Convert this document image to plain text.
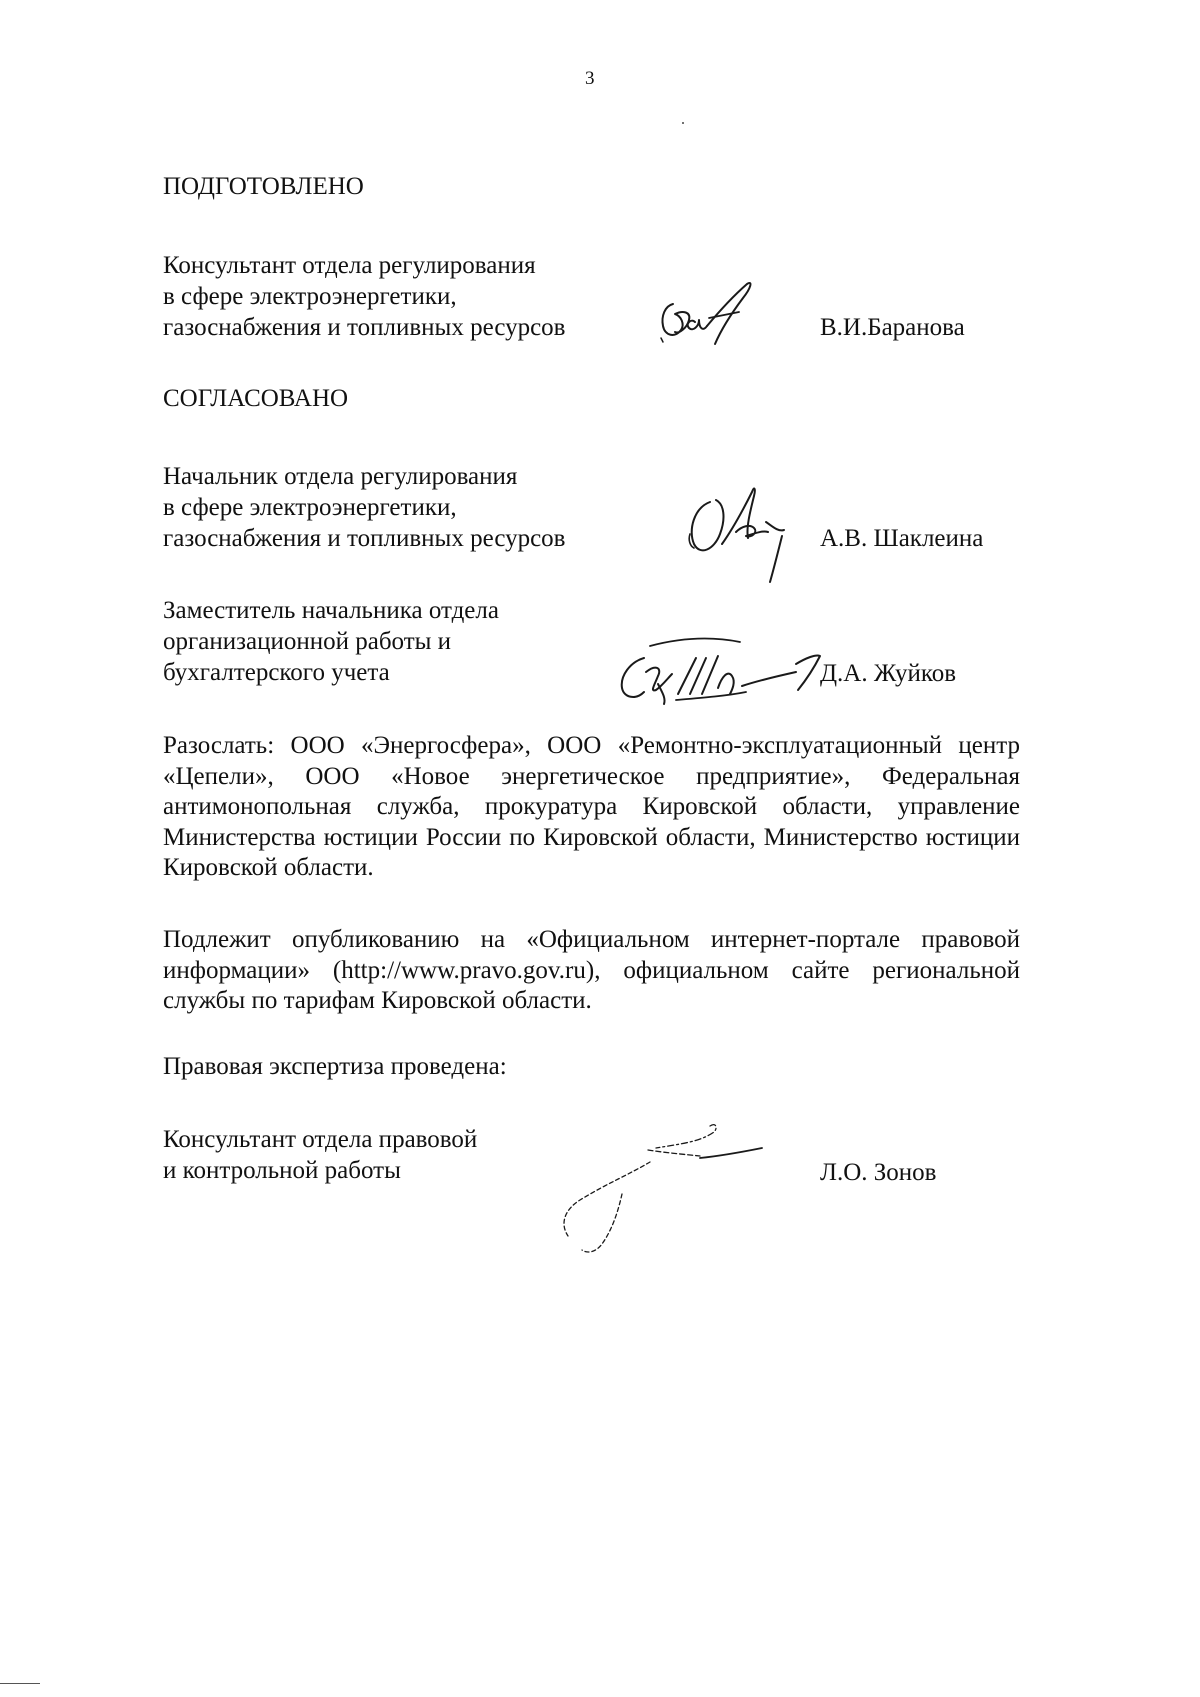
3
ПОДГОТОВЛЕНО
Консультант отдела регулирования
в сфере электроэнергетики,
газоснабжения и топливных ресурсов	В.И.Баранова
СОГЛАСОВАНО
Начальник отдела регулирования
в сфере электроэнергетики,
газоснабжения и топливных ресурсов	А.В. Шаклеина
Заместитель начальника отдела
организационной работы и
бухгалтерского учета	Д.А. Жуйков
Разослать: ООО «Энергосфера», ООО «Ремонтно-эксплуатационный центр «Цепели», ООО «Новое энергетическое предприятие», Федеральная антимонопольная служба, прокуратура Кировской области, управление Министерства юстиции России по Кировской области, Министерство юстиции Кировской области.
Подлежит опубликованию на «Официальном интернет-портале правовой информации» (http://www.pravo.gov.ru), официальном сайте региональной службы по тарифам Кировской области.
Правовая экспертиза проведена:
Консультант отдела правовой
и контрольной работы	Л.О. Зонов
